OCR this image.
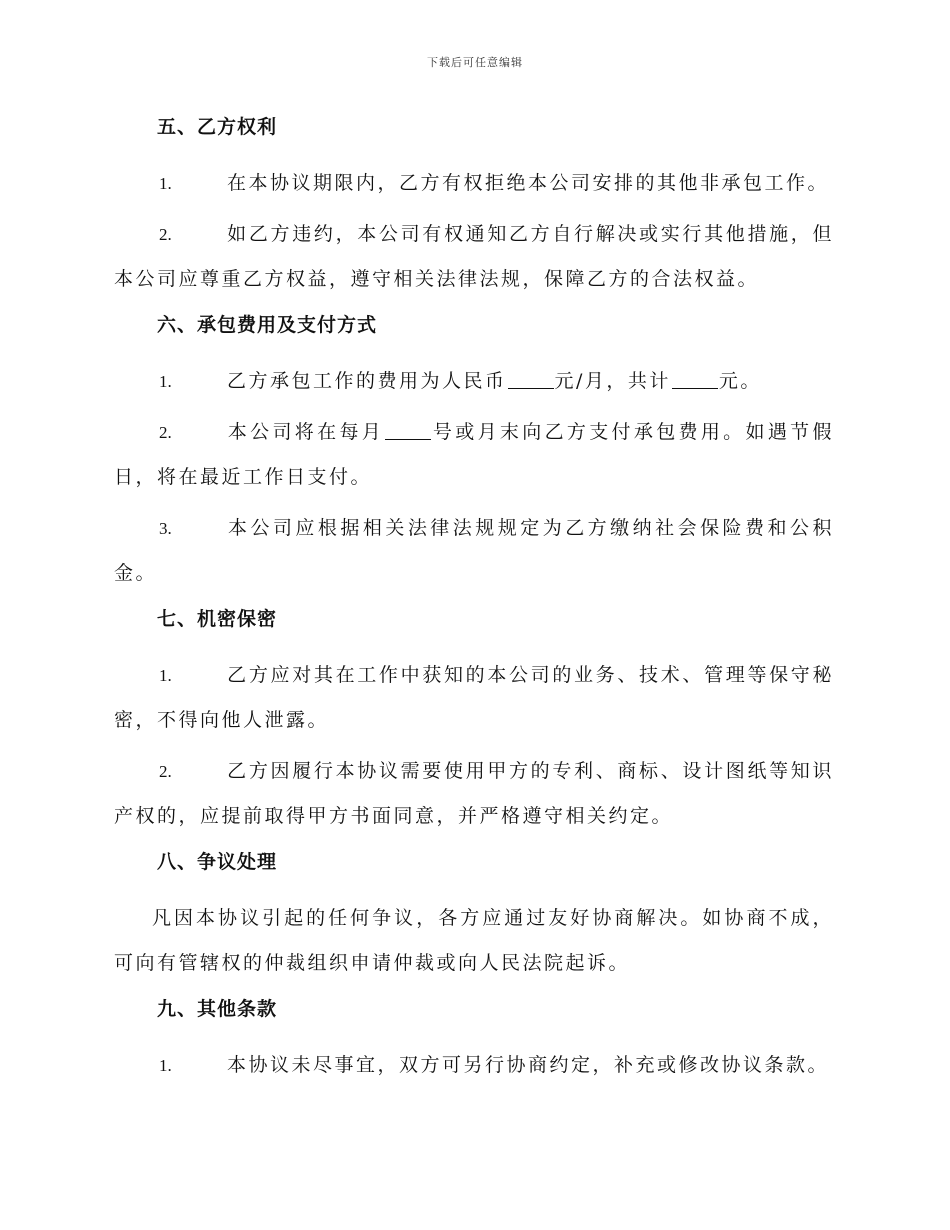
下载后可任意编辑
五、乙方权利
1.	在本协议期限内，乙方有权拒绝本公司安排的其他非承包工作。
2.	如乙方违约，本公司有权通知乙方自行解决或实行其他措施，但本公司应尊重乙方权益，遵守相关法律法规，保障乙方的合法权益。
六、承包费用及支付方式
1.	乙方承包工作的费用为人民币	元/月，共计	元。
2.	本公司将在每月	号或月末向乙方支付承包费用。如遇节假日，将在最近工作日支付。
3.	本公司应根据相关法律法规规定为乙方缴纳社会保险费和公积金。
七、机密保密
1.	乙方应对其在工作中获知的本公司的业务、技术、管理等保守秘密，不得向他人泄露。
2.	乙方因履行本协议需要使用甲方的专利、商标、设计图纸等知识产权的，应提前取得甲方书面同意，并严格遵守相关约定。
八、争议处理
凡因本协议引起的任何争议，各方应通过友好协商解决。如协商不成，可向有管辖权的仲裁组织申请仲裁或向人民法院起诉。
九、其他条款
1.	本协议未尽事宜，双方可另行协商约定，补充或修改协议条款。
